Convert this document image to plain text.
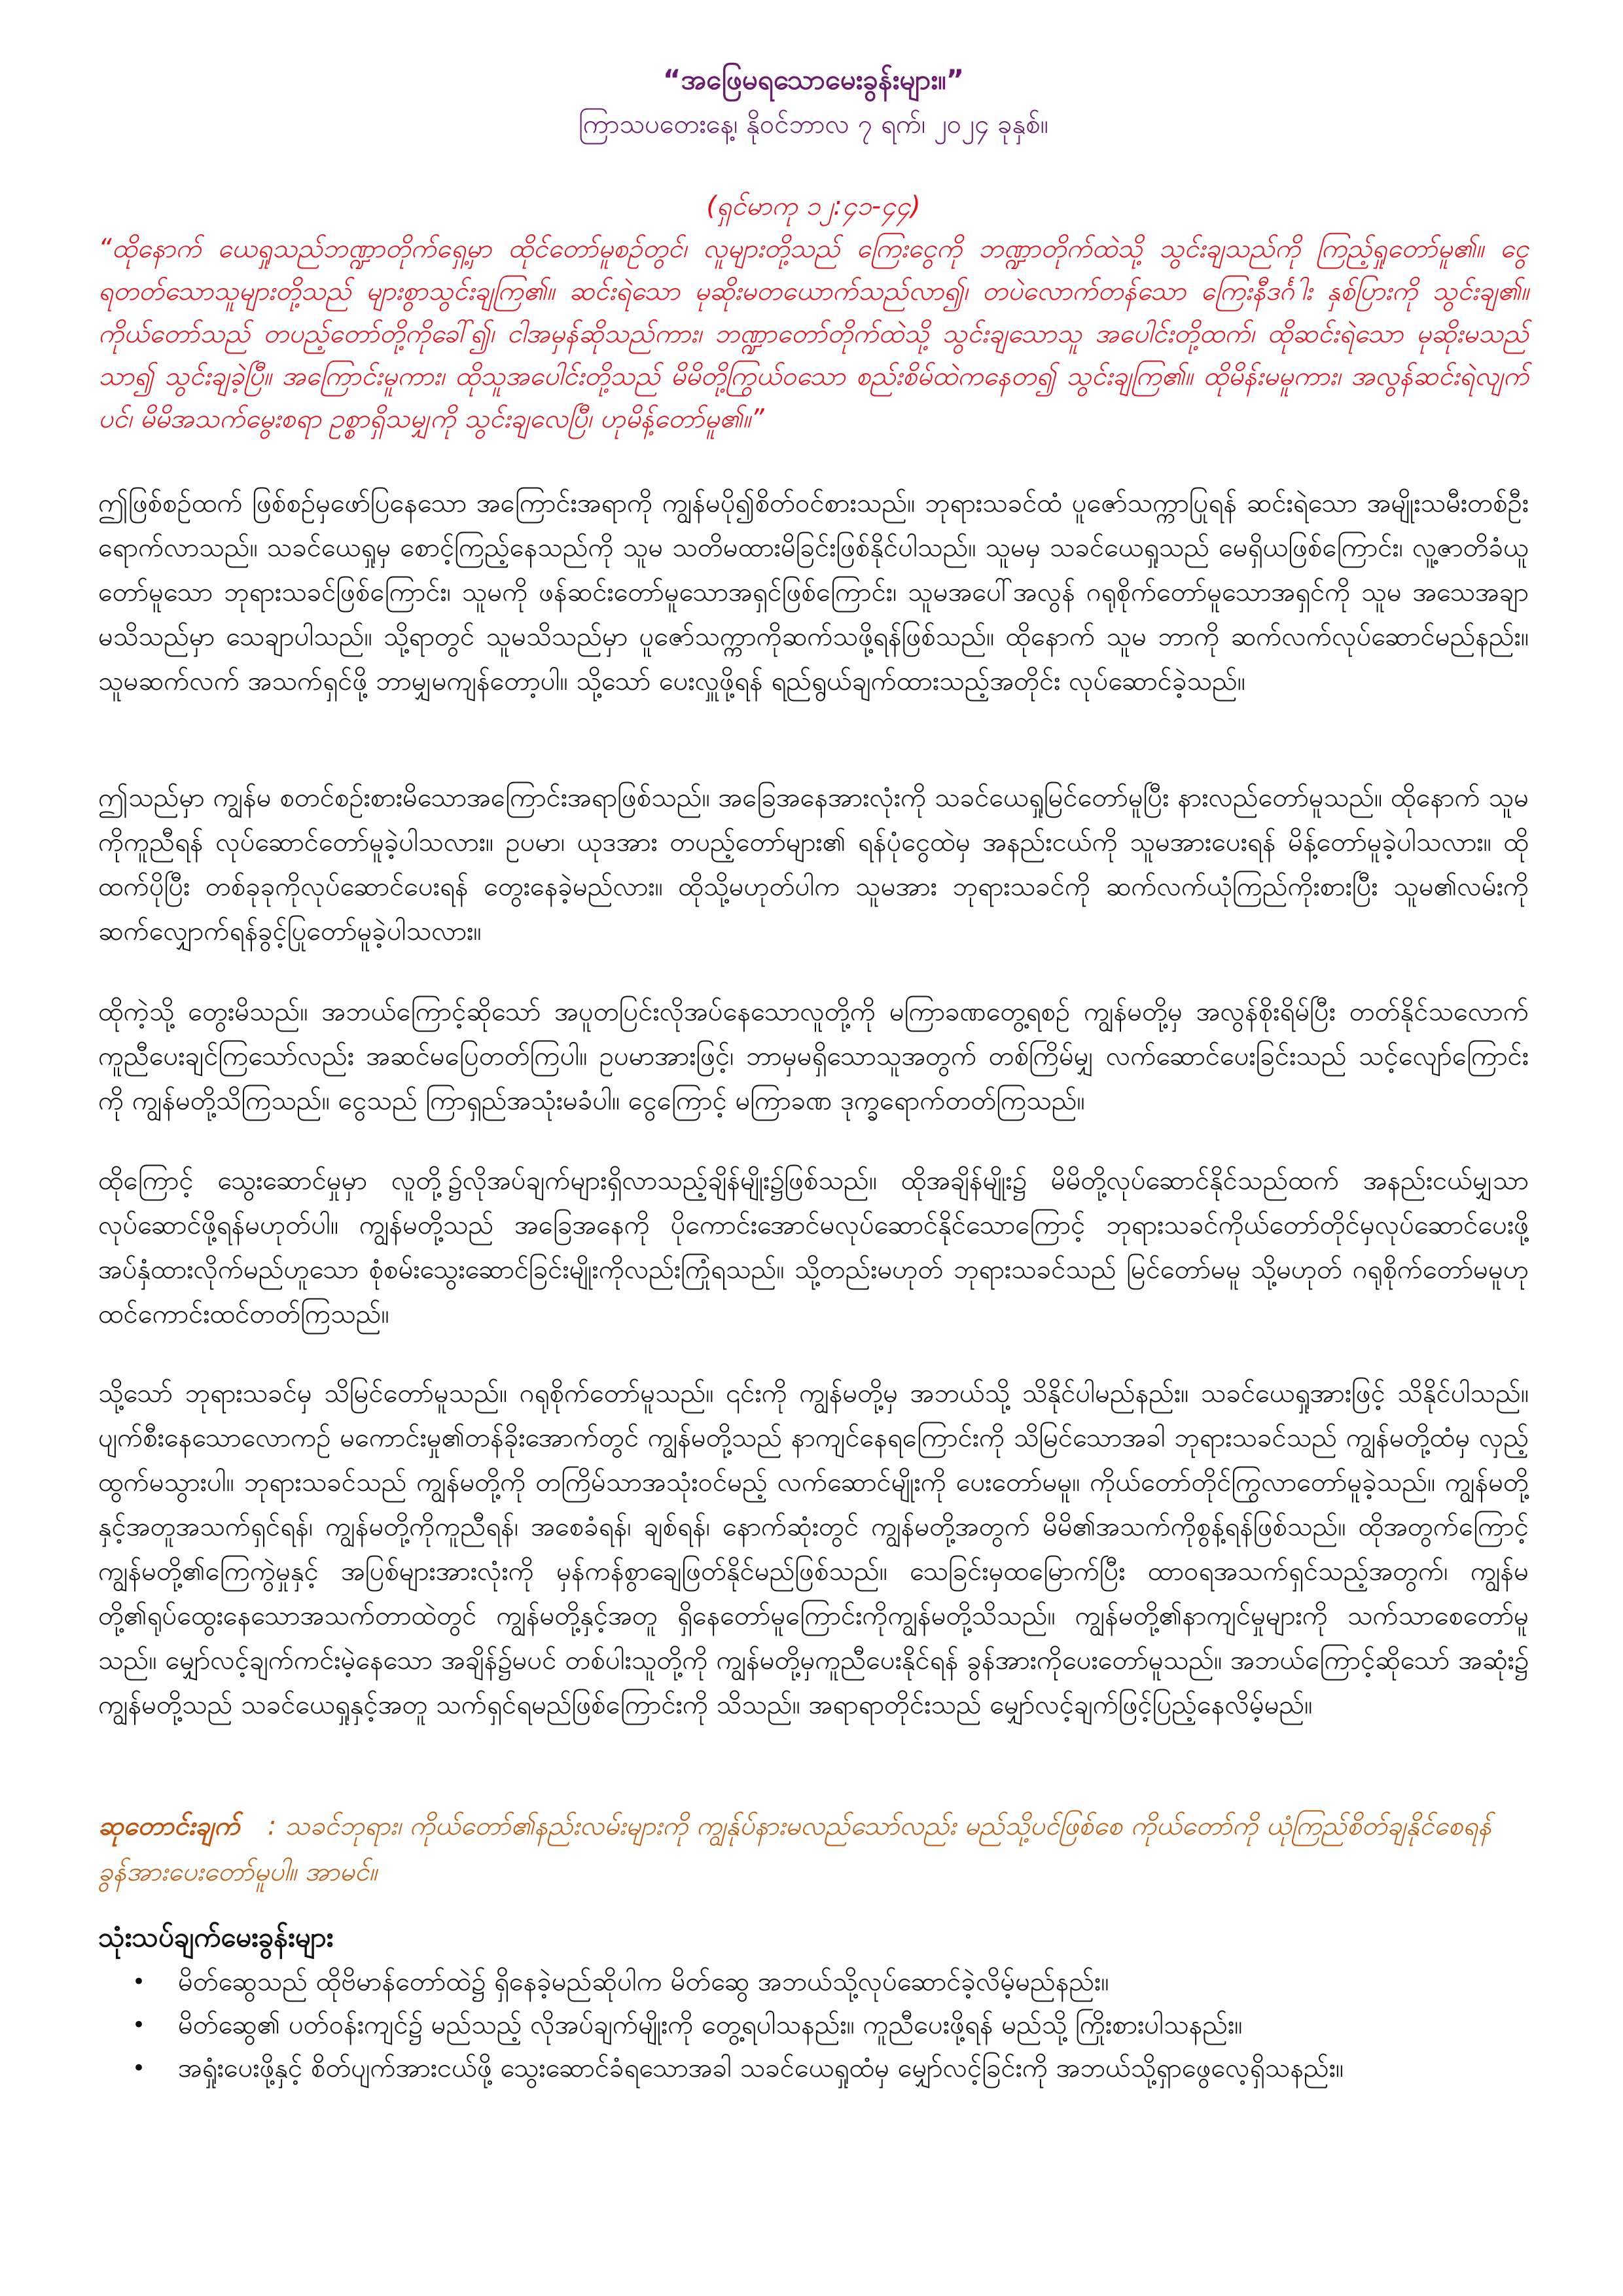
“အဖြေမရသောမေးခွန်းများ။”
ကြာသပတေးနေ့၊ နိုဝင်ဘာလ ၇ ရက်၊ ၂၀၂၄ ခုနှစ်။
(ရှင်မာကု ၁၂:၄၁-၄၄)
“ထိုနောက် ယေရှုသည်ဘဏ္ဍာတိုက်ရှေ့မှာ ထိုင်တော်မူစဉ်တွင်၊ လူများတို့သည် ကြေးငွေကို ဘဏ္ဍာတိုက်ထဲသို့ သွင်းချသည်ကို ကြည့်ရှုတော်မူ၏။ ငွေရတတ်သောသူများတို့သည် များစွာသွင်းချကြ၏။ ဆင်းရဲသော မုဆိုးမတယောက်သည်လာ၍၊ တပဲလောက်တန်သော ကြေးနီဒင်္ဂါး နှစ်ပြားကို သွင်းချ၏။ ကိုယ်တော်သည် တပည့်တော်တို့ကိုခေါ်၍၊ ငါအမှန်ဆိုသည်ကား၊ ဘဏ္ဍာတော်တိုက်ထဲသို့ သွင်းချသောသူ အပေါင်းတို့ထက်၊ ထိုဆင်းရဲသော မုဆိုးမသည်သာ၍ သွင်းချခဲ့ပြီ။ အကြောင်းမူကား၊ ထိုသူအပေါင်းတို့သည် မိမိတို့ကြွယ်ဝသော စည်းစိမ်ထဲကနေတ၍ သွင်းချကြ၏။ ထိုမိန်းမမူကား၊ အလွန်ဆင်းရဲလျက်ပင်၊ မိမိအသက်မွေးစရာ ဥစ္စာရှိသမျှကို သွင်းချလေပြီ၊ ဟုမိန့်တော်မူ၏။”
ဤဖြစ်စဉ်ထက် ဖြစ်စဉ်မှဖော်ပြနေသော အကြောင်းအရာကို ကျွန်မပို၍စိတ်ဝင်စားသည်။ ဘုရားသခင်ထံ ပူဇော်သက္ကာပြုရန် ဆင်းရဲသော အမျိုးသမီးတစ်ဦးရောက်လာသည်။ သခင်ယေရှုမှ စောင့်ကြည့်နေသည်ကို သူမ သတိမထားမိခြင်းဖြစ်နိုင်ပါသည်။ သူမမှ သခင်ယေရှုသည် မေရှိယဖြစ်ကြောင်း၊ လူ့ဇာတိခံယူတော်မူသော ဘုရားသခင်ဖြစ်ကြောင်း၊ သူမကို ဖန်ဆင်းတော်မူသောအရှင်ဖြစ်ကြောင်း၊ သူမအပေါ်အလွန် ဂရုစိုက်တော်မူသောအရှင်ကို သူမ အသေအချာ မသိသည်မှာ သေချာပါသည်။ သို့ရာတွင် သူမသိသည်မှာ ပူဇော်သက္ကာကိုဆက်သဖို့ရန်ဖြစ်သည်။ ထိုနောက် သူမ ဘာကို ဆက်လက်လုပ်ဆောင်မည်နည်း။ သူမဆက်လက် အသက်ရှင်ဖို့ ဘာမျှမကျန်တော့ပါ။ သို့သော် ပေးလှူဖို့ရန် ရည်ရွယ်ချက်ထားသည့်အတိုင်း လုပ်ဆောင်ခဲ့သည်။
ဤသည်မှာ ကျွန်မ စတင်စဉ်းစားမိသောအကြောင်းအရာဖြစ်သည်။ အခြေအနေအားလုံးကို သခင်ယေရှုမြင်တော်မူပြီး နားလည်တော်မူသည်။ ထိုနောက် သူမကိုကူညီရန် လုပ်ဆောင်တော်မူခဲ့ပါသလား။ ဥပမာ၊ ယုဒအား တပည့်တော်များ၏ ရန်ပုံငွေထဲမှ အနည်းငယ်ကို သူမအားပေးရန် မိန့်တော်မူခဲ့ပါသလား။ ထိုထက်ပိုပြီး တစ်ခုခုကိုလုပ်ဆောင်ပေးရန် တွေးနေခဲ့မည်လား။ ထိုသို့မဟုတ်ပါက သူမအား ဘုရားသခင်ကို ဆက်လက်ယုံကြည်ကိုးစားပြီး သူမ၏လမ်းကို ဆက်လျှောက်ရန်ခွင့်ပြုတော်မူခဲ့ပါသလား။
ထိုကဲ့သို့ တွေးမိသည်။ အဘယ်ကြောင့်ဆိုသော် အပူတပြင်းလိုအပ်နေသောလူတို့ကို မကြာခဏတွေ့ရစဉ် ကျွန်မတို့မှ အလွန်စိုးရိမ်ပြီး တတ်နိုင်သလောက် ကူညီပေးချင်ကြသော်လည်း အဆင်မပြေတတ်ကြပါ။ ဥပမာအားဖြင့်၊ ဘာမှမရှိသောသူအတွက် တစ်ကြိမ်မျှ လက်ဆောင်ပေးခြင်းသည် သင့်လျော်ကြောင်းကို ကျွန်မတို့သိကြသည်။ ငွေသည် ကြာရှည်အသုံးမခံပါ။ ငွေကြောင့် မကြာခဏ ဒုက္ခရောက်တတ်ကြသည်။
ထိုကြောင့် သွေးဆောင်မှုမှာ လူတို့၌လိုအပ်ချက်များရှိလာသည့်ချိန်မျိုး၌ဖြစ်သည်။ ထိုအချိန်မျိုး၌ မိမိတို့လုပ်ဆောင်နိုင်သည်ထက် အနည်းငယ်မျှသာလုပ်ဆောင်ဖို့ရန်မဟုတ်ပါ။ ကျွန်မတို့သည် အခြေအနေကို ပိုကောင်းအောင်မလုပ်ဆောင်နိုင်သောကြောင့် ဘုရားသခင်ကိုယ်တော်တိုင်မှလုပ်ဆောင်ပေးဖို့အပ်နှံထားလိုက်မည်ဟူသော စုံစမ်းသွေးဆောင်ခြင်းမျိုးကိုလည်းကြုံရသည်။ သို့တည်းမဟုတ် ဘုရားသခင်သည် မြင်တော်မမူ သို့မဟုတ် ဂရုစိုက်တော်မမူဟု ထင်ကောင်းထင်တတ်ကြသည်။
သို့သော် ဘုရားသခင်မှ သိမြင်တော်မူသည်။ ဂရုစိုက်တော်မူသည်။ ၎င်းကို ကျွန်မတို့မှ အဘယ်သို့ သိနိုင်ပါမည်နည်း။ သခင်ယေရှုအားဖြင့် သိနိုင်ပါသည်။ ပျက်စီးနေသောလောကဉ် မကောင်းမှု၏တန်ခိုးအောက်တွင် ကျွန်မတို့သည် နာကျင်နေရကြောင်းကို သိမြင်သောအခါ ဘုရားသခင်သည် ကျွန်မတို့ထံမှ လှည့်ထွက်မသွားပါ။ ဘုရားသခင်သည် ကျွန်မတို့ကို တကြိမ်သာအသုံးဝင်မည့် လက်ဆောင်မျိုးကို ပေးတော်မမူ။ ကိုယ်တော်တိုင်ကြွလာတော်မူခဲ့သည်။ ကျွန်မတို့နှင့်အတူအသက်ရှင်ရန်၊ ကျွန်မတို့ကိုကူညီရန်၊ အစေခံရန်၊ ချစ်ရန်၊ နောက်ဆုံးတွင် ကျွန်မတို့အတွက် မိမိ၏အသက်ကိုစွန့်ရန်ဖြစ်သည်။ ထိုအတွက်ကြောင့် ကျွန်မတို့၏ကြေကွဲမှုနှင့် အပြစ်များအားလုံးကို မှန်ကန်စွာချေဖြတ်နိုင်မည်ဖြစ်သည်။ သေခြင်းမှထမြောက်ပြီး ထာဝရအသက်ရှင်သည့်အတွက်၊ ကျွန်မတို့၏ရုပ်ထွေးနေသောအသက်တာထဲတွင် ကျွန်မတို့နှင့်အတူ ရှိနေတော်မူကြောင်းကိုကျွန်မတို့သိသည်။ ကျွန်မတို့၏နာကျင်မှုများကို သက်သာစေတော်မူသည်။ မျှော်လင့်ချက်ကင်းမဲ့နေသော အချိန်၌မပင် တစ်ပါးသူတို့ကို ကျွန်မတို့မှကူညီပေးနိုင်ရန် ခွန်အားကိုပေးတော်မူသည်။ အဘယ်ကြောင့်ဆိုသော် အဆုံး၌ ကျွန်မတို့သည် သခင်ယေရှုနှင့်အတူ သက်ရှင်ရမည်ဖြစ်ကြောင်းကို သိသည်။ အရာရာတိုင်းသည် မျှော်လင့်ချက်ဖြင့်ပြည့်နေလိမ့်မည်။
ဆုတောင်းချက် : သခင်ဘုရား၊ ကိုယ်တော်၏နည်းလမ်းများကို ကျွန်ုပ်နားမလည်သော်လည်း မည်သို့ပင်ဖြစ်စေ ကိုယ်တော်ကို ယုံကြည်စိတ်ချနိုင်စေရန် ခွန်အားပေးတော်မူပါ။ အာမင်။
သုံးသပ်ချက်မေးခွန်းများ
• မိတ်ဆွေသည် ထိုဗိမာန်တော်ထဲ၌ ရှိနေခဲ့မည်ဆိုပါက မိတ်ဆွေ အဘယ်သို့လုပ်ဆောင်ခဲ့လိမ့်မည်နည်း။
• မိတ်ဆွေ၏ ပတ်ဝန်းကျင်၌ မည်သည့် လိုအပ်ချက်မျိုးကို တွေ့ရပါသနည်း။ ကူညီပေးဖို့ရန် မည်သို့ ကြိုးစားပါသနည်း။
• အရှုံးပေးဖို့နှင့် စိတ်ပျက်အားငယ်ဖို့ သွေးဆောင်ခံရသောအခါ သခင်ယေရှုထံမှ မျှော်လင့်ခြင်းကို အဘယ်သို့ရှာဖွေလေ့ရှိသနည်း။
